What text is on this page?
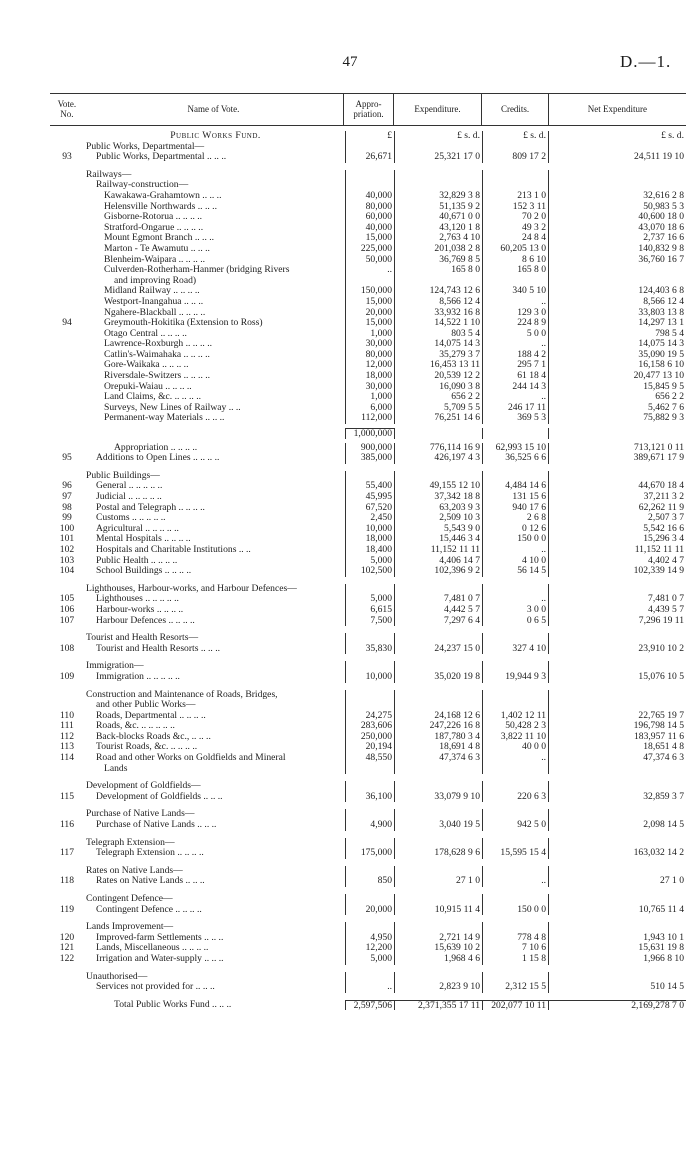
47	D.—1.
Vote. No.	Name of Vote.	Appro- priation.	Expenditure.	Credits.	Net Expenditure
Public Works Fund.	£	£ s. d.	£ s. d.	£ s. d.
Public Works, Departmental—
93	Public Works, Departmental .. .. ..	26,671	25,321 17 0	809 17 2	24,511 19 10
Railways—
Railway-construction—
Kawakawa-Grahamtown .. .. ..	40,000	32,829 3 8	213 1 0	32,616 2 8
Helensville Northwards .. .. ..	80,000	51,135 9 2	152 3 11	50,983 5 3
Gisborne-Rotorua .. .. .. ..	60,000	40,671 0 0	70 2 0	40,600 18 0
Stratford-Ongarue .. .. .. ..	40,000	43,120 1 8	49 3 2	43,070 18 6
Mount Egmont Branch .. .. ..	15,000	2,763 4 10	24 8 4	2,737 16 6
Marton - Te Awamutu .. .. ..	225,000	201,038 2 8	60,205 13 0	140,832 9 8
Blenheim-Waipara .. .. .. ..	50,000	36,769 8 5	8 6 10	36,760 16 7
Culverden-Rotherham-Hanmer (bridging Rivers	..	165 8 0	165 8 0
and improving Road)
Midland Railway .. .. .. ..	150,000	124,743 12 6	340 5 10	124,403 6 8
Westport-Inangahua .. .. ..	15,000	8,566 12 4	..	8,566 12 4
Ngahere-Blackball .. .. .. ..	20,000	33,932 16 8	129 3 0	33,803 13 8
94	Greymouth-Hokitika (Extension to Ross)	15,000	14,522 1 10	224 8 9	14,297 13 1
Otago Central .. .. .. ..	1,000	803 5 4	5 0 0	798 5 4
Lawrence-Roxburgh .. .. .. ..	30,000	14,075 14 3	..	14,075 14 3
Catlin's-Waimahaka .. .. .. ..	80,000	35,279 3 7	188 4 2	35,090 19 5
Gore-Waikaka .. .. .. ..	12,000	16,453 13 11	295 7 1	16,158 6 10
Riversdale-Switzers .. .. .. ..	18,000	20,539 12 2	61 18 4	20,477 13 10
Orepuki-Waiau .. .. .. ..	30,000	16,090 3 8	244 14 3	15,845 9 5
Land Claims, &c. .. .. .. ..	1,000	656 2 2	..	656 2 2
Surveys, New Lines of Railway .. ..	6,000	5,709 5 5	246 17 11	5,462 7 6
Permanent-way Materials .. .. ..	112,000	76,251 14 6	369 5 3	75,882 9 3
1,000,000
Appropriation .. .. .. ..	900,000	776,114 16 9	62,993 15 10	713,121 0 11
95	Additions to Open Lines .. .. .. ..	385,000	426,197 4 3	36,525 6 6	389,671 17 9
Public Buildings—
96	General .. .. .. .. ..	55,400	49,155 12 10	4,484 14 6	44,670 18 4
97	Judicial .. .. .. .. ..	45,995	37,342 18 8	131 15 6	37,211 3 2
98	Postal and Telegraph .. .. .. ..	67,520	63,203 9 3	940 17 6	62,262 11 9
99	Customs .. .. .. .. ..	2,450	2,509 10 3	2 6 8	2,507 3 7
100	Agricultural .. .. .. .. ..	10,000	5,543 9 0	0 12 6	5,542 16 6
101	Mental Hospitals .. .. .. ..	18,000	15,446 3 4	150 0 0	15,296 3 4
102	Hospitals and Charitable Institutions .. ..	18,400	11,152 11 11	..	11,152 11 11
103	Public Health .. .. .. ..	5,000	4,406 14 7	4 10 0	4,402 4 7
104	School Buildings .. .. .. ..	102,500	102,396 9 2	56 14 5	102,339 14 9
Lighthouses, Harbour-works, and Harbour Defences—
105	Lighthouses .. .. .. .. ..	5,000	7,481 0 7	..	7,481 0 7
106	Harbour-works .. .. .. ..	6,615	4,442 5 7	3 0 0	4,439 5 7
107	Harbour Defences .. .. .. ..	7,500	7,297 6 4	0 6 5	7,296 19 11
Tourist and Health Resorts—
108	Tourist and Health Resorts .. .. ..	35,830	24,237 15 0	327 4 10	23,910 10 2
Immigration—
109	Immigration .. .. .. .. ..	10,000	35,020 19 8	19,944 9 3	15,076 10 5
Construction and Maintenance of Roads, Bridges,
and other Public Works—
110	Roads, Departmental .. .. .. ..	24,275	24,168 12 6	1,402 12 11	22,765 19 7
111	Roads, &c. .. .. .. .. ..	283,606	247,226 16 8	50,428 2 3	196,798 14 5
112	Back-blocks Roads &c., .. .. ..	250,000	187,780 3 4	3,822 11 10	183,957 11 6
113	Tourist Roads, &c. .. .. .. ..	20,194	18,691 4 8	40 0 0	18,651 4 8
114	Road and other Works on Goldfields and Mineral	48,550	47,374 6 3	..	47,374 6 3
Lands
Development of Goldfields—
115	Development of Goldfields .. .. ..	36,100	33,079 9 10	220 6 3	32,859 3 7
Purchase of Native Lands—
116	Purchase of Native Lands .. .. ..	4,900	3,040 19 5	942 5 0	2,098 14 5
Telegraph Extension—
117	Telegraph Extension .. .. .. ..	175,000	178,628 9 6	15,595 15 4	163,032 14 2
Rates on Native Lands—
118	Rates on Native Lands .. .. ..	850	27 1 0	..	27 1 0
Contingent Defence—
119	Contingent Defence .. .. .. ..	20,000	10,915 11 4	150 0 0	10,765 11 4
Lands Improvement—
120	Improved-farm Settlements .. .. ..	4,950	2,721 14 9	778 4 8	1,943 10 1
121	Lands, Miscellaneous .. .. .. ..	12,200	15,639 10 2	7 10 6	15,631 19 8
122	Irrigation and Water-supply .. .. ..	5,000	1,968 4 6	1 15 8	1,966 8 10
Unauthorised—
Services not provided for .. .. ..	..	2,823 9 10	2,312 15 5	510 14 5
Total Public Works Fund .. .. ..	2,597,506	2,371,355 17 11	202,077 10 11	2,169,278 7 0
